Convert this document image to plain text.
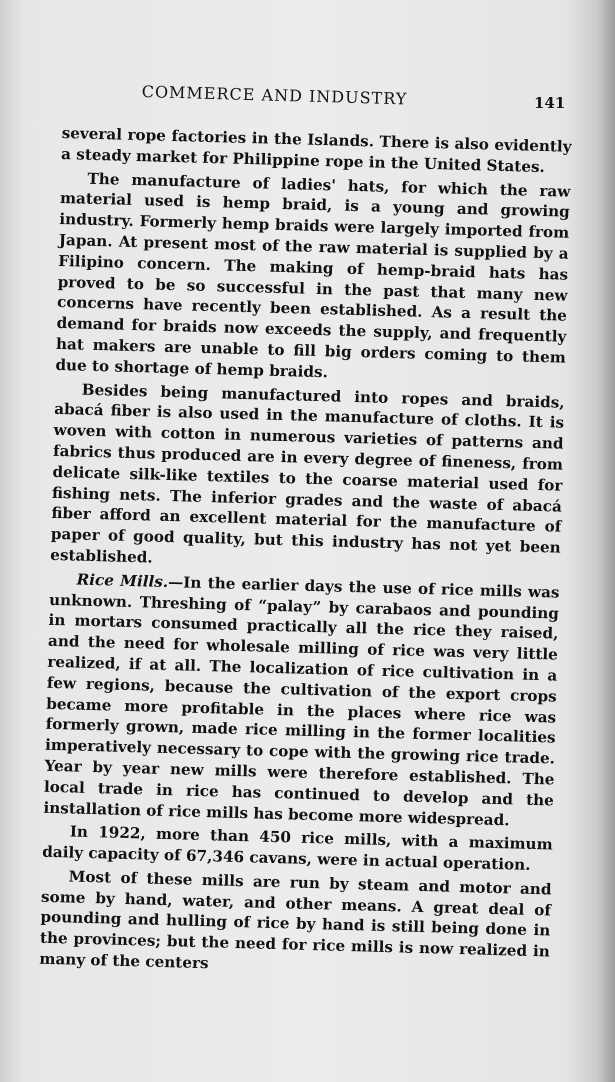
COMMERCE AND INDUSTRY	141

several rope factories in the Islands. There is also evidently a steady market for Philippine rope in the United States.

The manufacture of ladies' hats, for which the raw material used is hemp braid, is a young and growing industry. Formerly hemp braids were largely imported from Japan. At present most of the raw material is supplied by a Filipino concern. The making of hemp-braid hats has proved to be so successful in the past that many new concerns have recently been established. As a result the demand for braids now exceeds the supply, and frequently hat makers are unable to fill big orders coming to them due to shortage of hemp braids.

Besides being manufactured into ropes and braids, abacá fiber is also used in the manufacture of cloths. It is woven with cotton in numerous varieties of patterns and fabrics thus produced are in every degree of fineness, from delicate silk-like textiles to the coarse material used for fishing nets. The inferior grades and the waste of abacá fiber afford an excellent material for the manufacture of paper of good quality, but this industry has not yet been established.

Rice Mills.—In the earlier days the use of rice mills was unknown. Threshing of “palay” by carabaos and pounding in mortars consumed practically all the rice they raised, and the need for wholesale milling of rice was very little realized, if at all. The localization of rice cultivation in a few regions, because the cultivation of the export crops became more profitable in the places where rice was formerly grown, made rice milling in the former localities imperatively necessary to cope with the growing rice trade. Year by year new mills were therefore established. The local trade in rice has continued to develop and the installation of rice mills has become more widespread.

In 1922, more than 450 rice mills, with a maximum daily capacity of 67,346 cavans, were in actual operation.

Most of these mills are run by steam and motor and some by hand, water, and other means. A great deal of pounding and hulling of rice by hand is still being done in the provinces; but the need for rice mills is now realized in many of the centers
